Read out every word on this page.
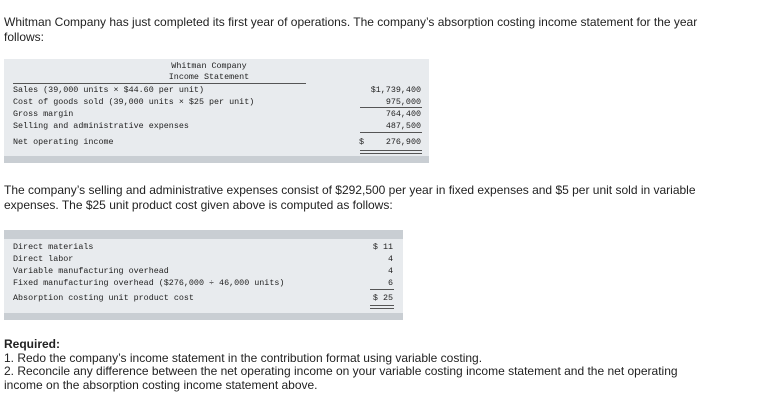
Whitman Company has just completed its first year of operations. The company’s absorption costing income statement for the year
follows:
Whitman Company
Income Statement
Sales (39,000 units × $44.60 per unit)	$1,739,400
Cost of goods sold (39,000 units × $25 per unit)	975,000
Gross margin	764,400
Selling and administrative expenses	487,500
Net operating income	$	276,900
The company’s selling and administrative expenses consist of $292,500 per year in fixed expenses and $5 per unit sold in variable
expenses. The $25 unit product cost given above is computed as follows:
Direct materials	$ 11
Direct labor	4
Variable manufacturing overhead	4
Fixed manufacturing overhead ($276,000 ÷ 46,000 units)	6
Absorption costing unit product cost	$ 25
Required:
1. Redo the company’s income statement in the contribution format using variable costing.
2. Reconcile any difference between the net operating income on your variable costing income statement and the net operating
income on the absorption costing income statement above.
